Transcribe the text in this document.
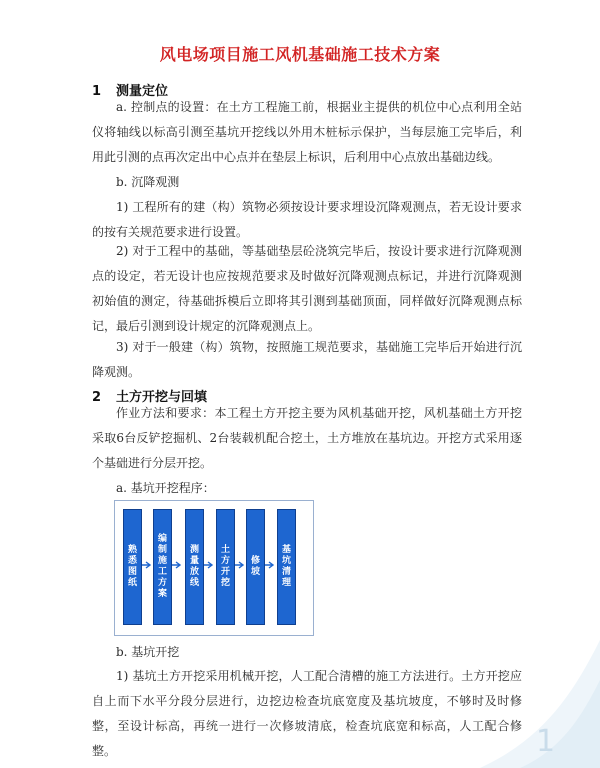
风电场项目施工风机基础施工技术方案
1 测量定位

a. 控制点的设置：在土方工程施工前，根据业主提供的机位中心点利用全站仪将轴线以标高引测至基坑开挖线以外用木桩标示保护，当每层施工完毕后，利用此引测的点再次定出中心点并在垫层上标识，后利用中心点放出基础边线。

b. 沉降观测

1) 工程所有的建（构）筑物必须按设计要求埋设沉降观测点，若无设计要求的按有关规范要求进行设置。

2) 对于工程中的基础，等基础垫层砼浇筑完毕后，按设计要求进行沉降观测点的设定，若无设计也应按规范要求及时做好沉降观测点标记，并进行沉降观测初始值的测定，待基础拆模后立即将其引测到基础顶面，同样做好沉降观测点标记，最后引测到设计规定的沉降观测点上。

3) 对于一般建（构）筑物，按照施工规范要求，基础施工完毕后开始进行沉降观测。

2 土方开挖与回填

作业方法和要求：本工程土方开挖主要为风机基础开挖，风机基础土方开挖采取6台反铲挖掘机、2台装载机配合挖土，土方堆放在基坑边。开挖方式采用逐个基础进行分层开挖。

a. 基坑开挖程序：

熟悉图纸
编制施工方案
测量放线
土方开挖
修坡
基坑清理

b. 基坑开挖

1) 基坑土方开挖采用机械开挖，人工配合清槽的施工方法进行。土方开挖应自上而下水平分段分层进行，边挖边检查坑底宽度及基坑坡度，不够时及时修整，至设计标高，再统一进行一次修坡清底，检查坑底宽和标高，人工配合修整。	1
